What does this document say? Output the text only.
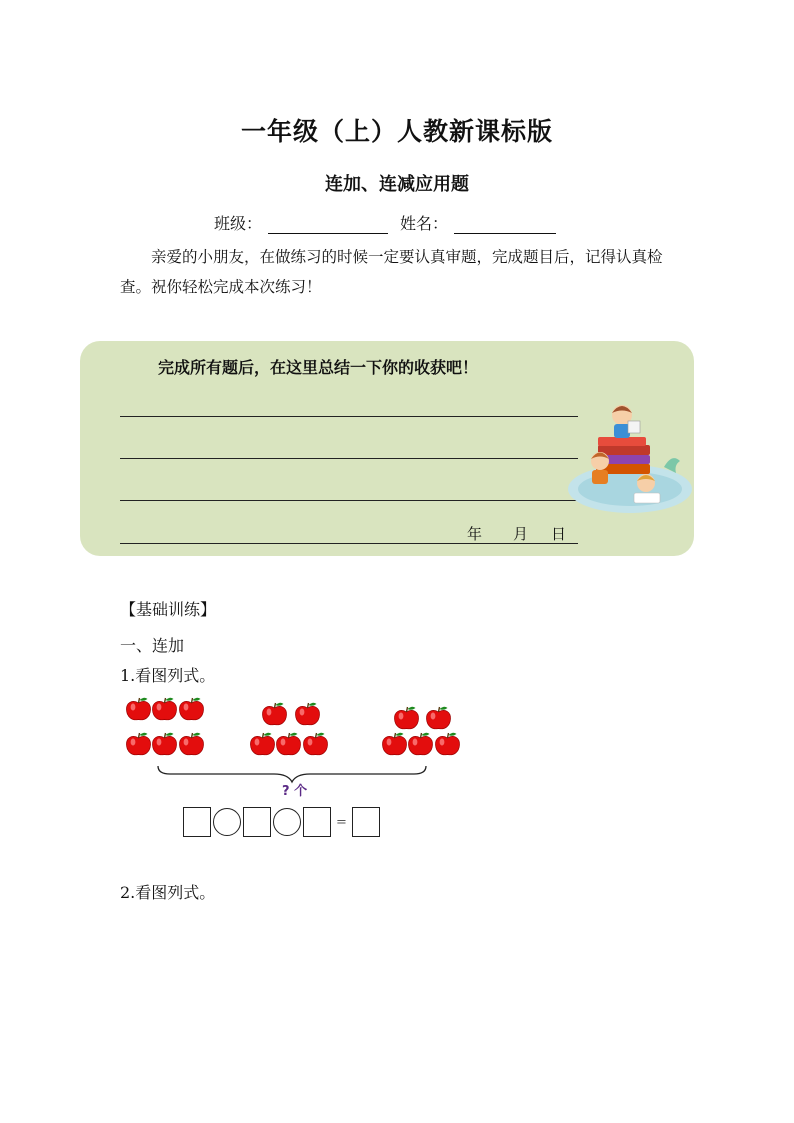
一年级（上）人教新课标版
连加、连减应用题
班级：	姓名：
亲爱的小朋友，在做练习的时候一定要认真审题，完成题目后，记得认真检
查。祝你轻松完成本次练习！
完成所有题后，在这里总结一下你的收获吧！
年 月 日
【基础训练】
一、连加
1.看图列式。
? 个
=
2.看图列式。
